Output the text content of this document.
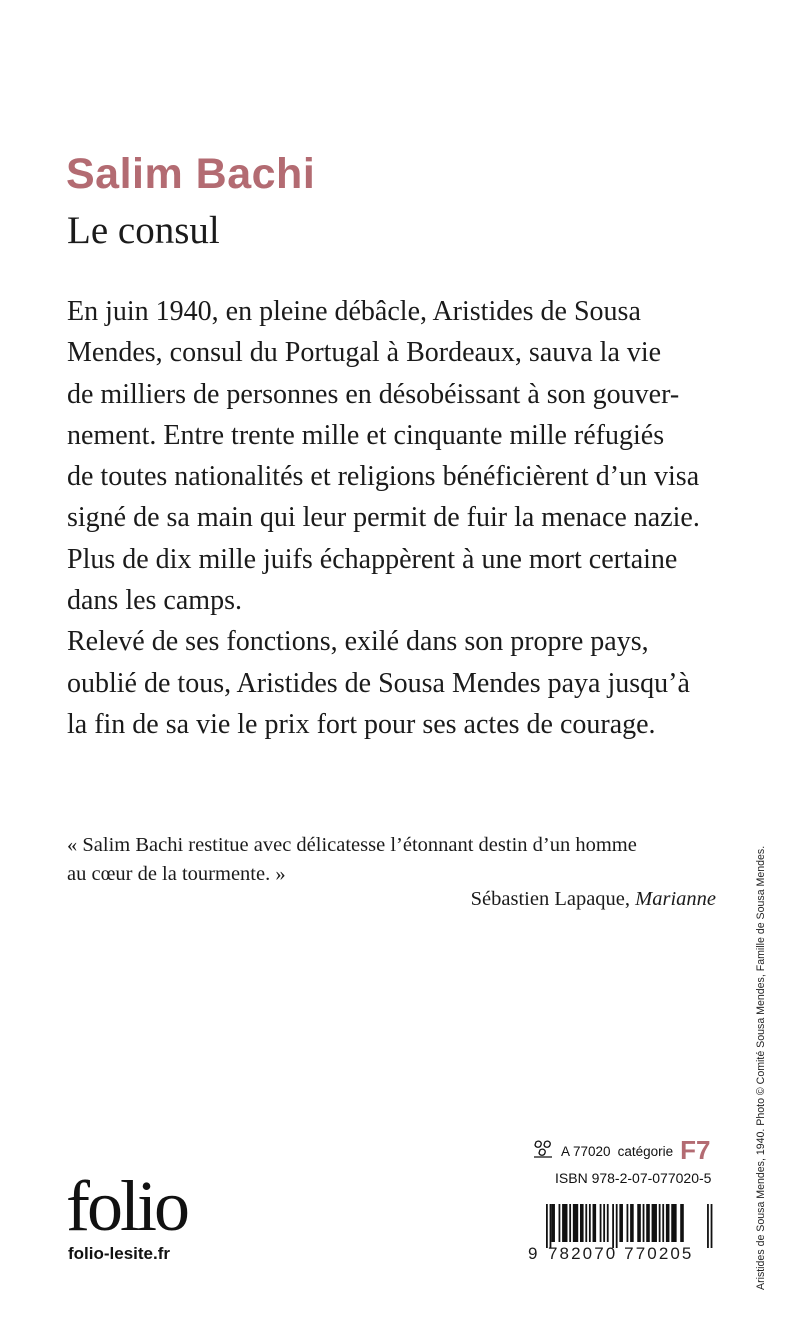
Salim Bachi
Le consul

En juin 1940, en pleine débâcle, Aristides de Sousa
Mendes, consul du Portugal à Bordeaux, sauva la vie
de milliers de personnes en désobéissant à son gouver-
nement. Entre trente mille et cinquante mille réfugiés
de toutes nationalités et religions bénéficièrent d’un visa
signé de sa main qui leur permit de fuir la menace nazie.
Plus de dix mille juifs échappèrent à une mort certaine
dans les camps.
Relevé de ses fonctions, exilé dans son propre pays,
oublié de tous, Aristides de Sousa Mendes paya jusqu’à
la fin de sa vie le prix fort pour ses actes de courage.

« Salim Bachi restitue avec délicatesse l’étonnant destin d’un homme
au cœur de la tourmente. »

Sébastien Lapaque, Marianne	Aristides de Sousa Mendes, 1940. Photo © Comité Sousa Mendes, Famille de Sousa Mendes.
A 77020 catégorie F7
ISBN 978-2-07-077020-5
9 782070 770205
folio
folio-lesite.fr
